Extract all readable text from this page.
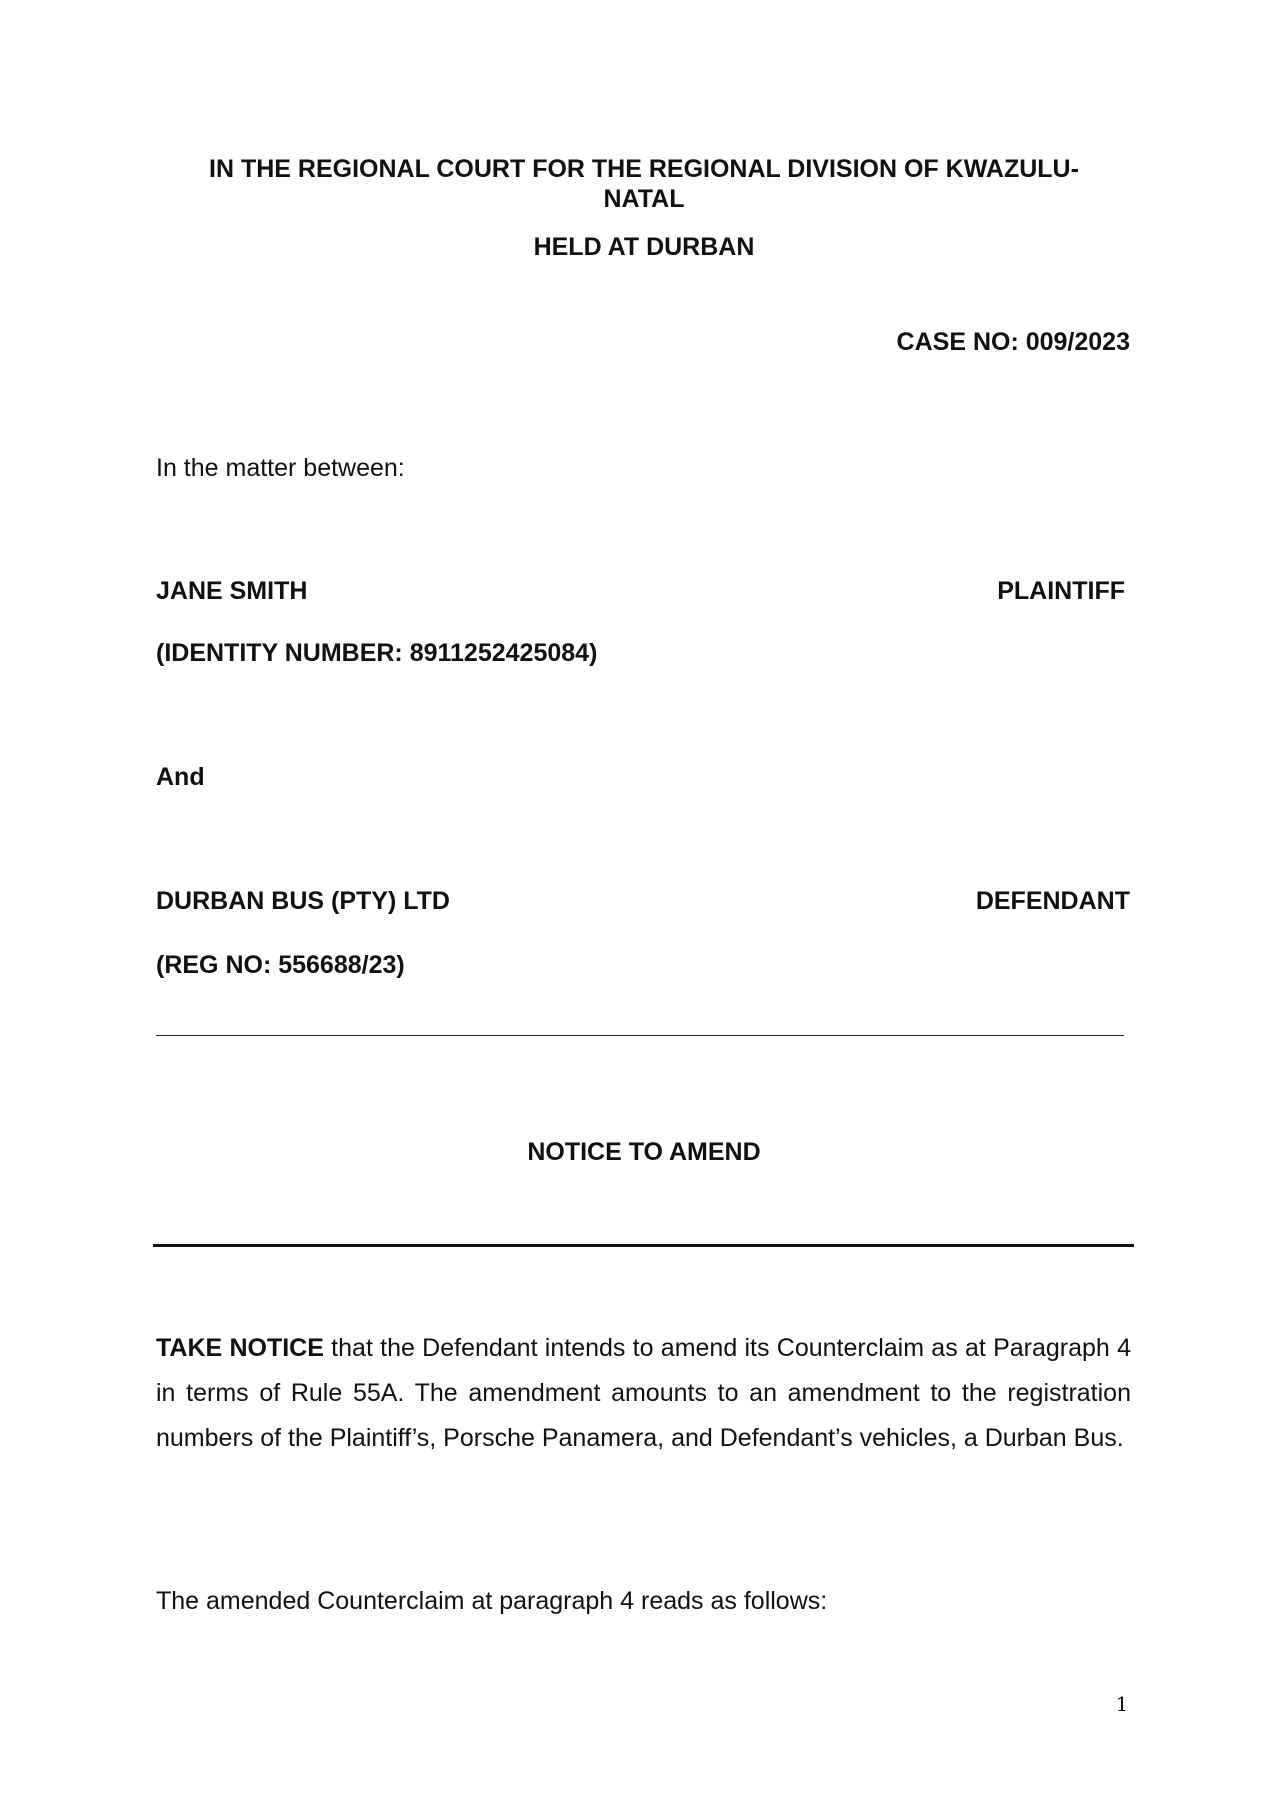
IN THE REGIONAL COURT FOR THE REGIONAL DIVISION OF KWAZULU-NATAL

HELD AT DURBAN

CASE NO: 009/2023

In the matter between:

JANE SMITH	PLAINTIFF

(IDENTITY NUMBER: 8911252425084)

And

DURBAN BUS (PTY) LTD	DEFENDANT

(REG NO: 556688/23)

NOTICE TO AMEND

TAKE NOTICE that the Defendant intends to amend its Counterclaim as at Paragraph 4 in terms of Rule 55A. The amendment amounts to an amendment to the registration numbers of the Plaintiff’s, Porsche Panamera, and Defendant’s vehicles, a Durban Bus.

The amended Counterclaim at paragraph 4 reads as follows:

1
